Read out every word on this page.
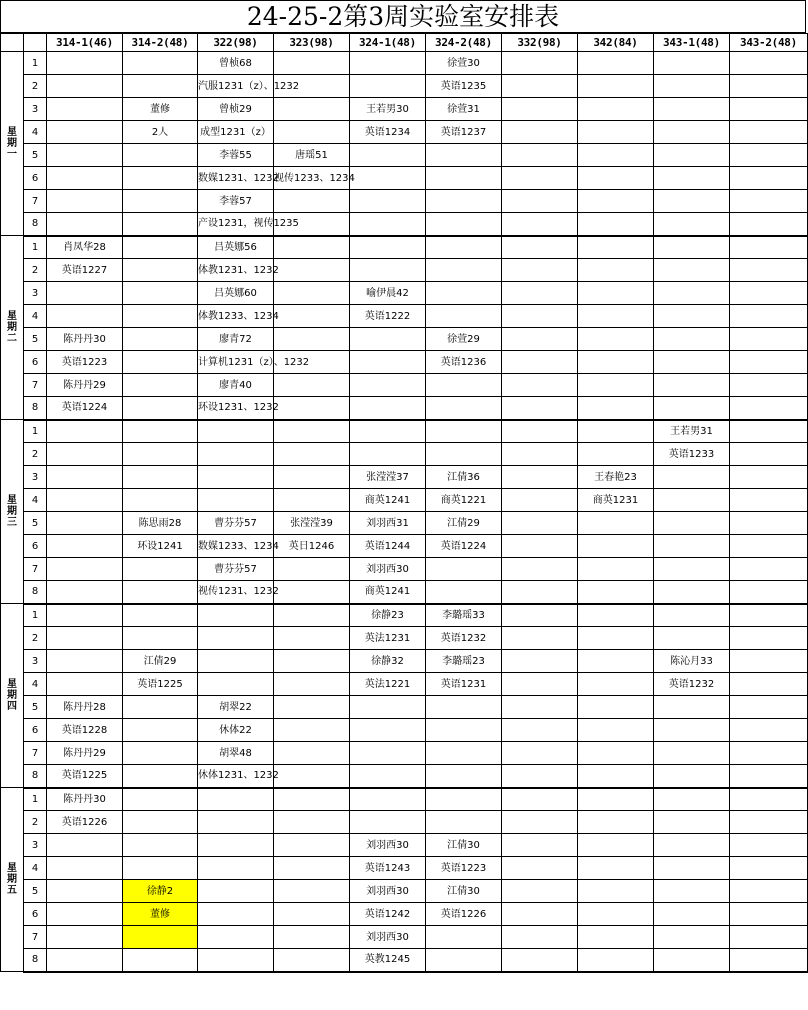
24-25-2第3周实验室安排表
		314-1(46)	314-2(48)	322(98)	323(98)	324-1(48)	324-2(48)	332(98)	342(84)	343-1(48)	343-2(48)
星
期
一	1			曾桢68			徐萱30				

	2			汽服1231（z）、1232			英语1235				

	3		董修	曾桢29		王若男30	徐萱31				

	4		2人	成型1231（z）		英语1234	英语1237				

	5			李蓉55	唐瑶51						

	6			数媒1231、1232	视传1233、1234						

	7			李蓉57							

	8			产设1231，视传1235							

星
期
二	1	肖凤华28		吕英娜56							

	2	英语1227		体教1231、1232							

	3			吕英娜60		喻伊晨42					

	4			体教1233、1234		英语1222					

	5	陈丹丹30		廖青72			徐萱29				

	6	英语1223		计算机1231（z）、1232			英语1236				

	7	陈丹丹29		廖青40							

	8	英语1224		环设1231、1232							

星
期
三	1									王若男31	

	2									英语1233	

	3					张滢滢37	江倩36		王春艳23		

	4					商英1241	商英1221		商英1231		

	5		陈思雨28	曹芬芬57	张滢滢39	刘羽西31	江倩29				

	6		环设1241	数媒1233、1234	英日1246	英语1244	英语1224				

	7			曹芬芬57		刘羽西30					

	8			视传1231、1232		商英1241					

星
期
四	1					徐静23	李璐瑶33				

	2					英法1231	英语1232				

	3		江倩29			徐静32	李璐瑶23			陈沁月33	

	4		英语1225			英法1221	英语1231			英语1232	

	5	陈丹丹28		胡翠22							

	6	英语1228		休体22							

	7	陈丹丹29		胡翠48							

	8	英语1225		休体1231、1232							

星
期
五	1	陈丹丹30									

	2	英语1226									

	3					刘羽西30	江倩30				

	4					英语1243	英语1223				

	5		徐静2			刘羽西30	江倩30				

	6		董修			英语1242	英语1226				

	7					刘羽西30					

	8					英教1245					
